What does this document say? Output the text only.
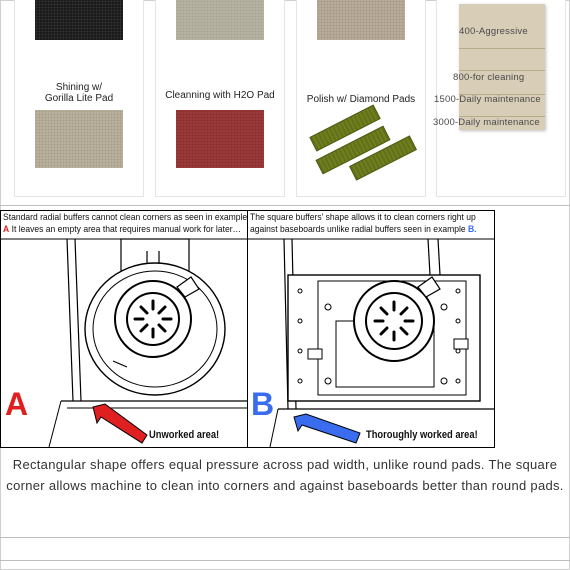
Shining w/
Gorilla Lite Pad	Cleanning with H2O Pad	Polish w/ Diamond Pads
400-Aggressive
800-for cleaning
1500-Daily maintenance
3000-Daily maintenance
Standard radial buffers cannot clean corners as seen in example
A It leaves an empty area that requires manual work for later…
A
Unworked area!
The square buffers' shape allows it to clean corners right up
against baseboards unlike radial buffers seen in example B.
B
Thoroughly worked area!
Rectangular shape offers equal pressure across pad width, unlike round pads. The square corner allows machine to clean into corners and against baseboards better than round pads.
